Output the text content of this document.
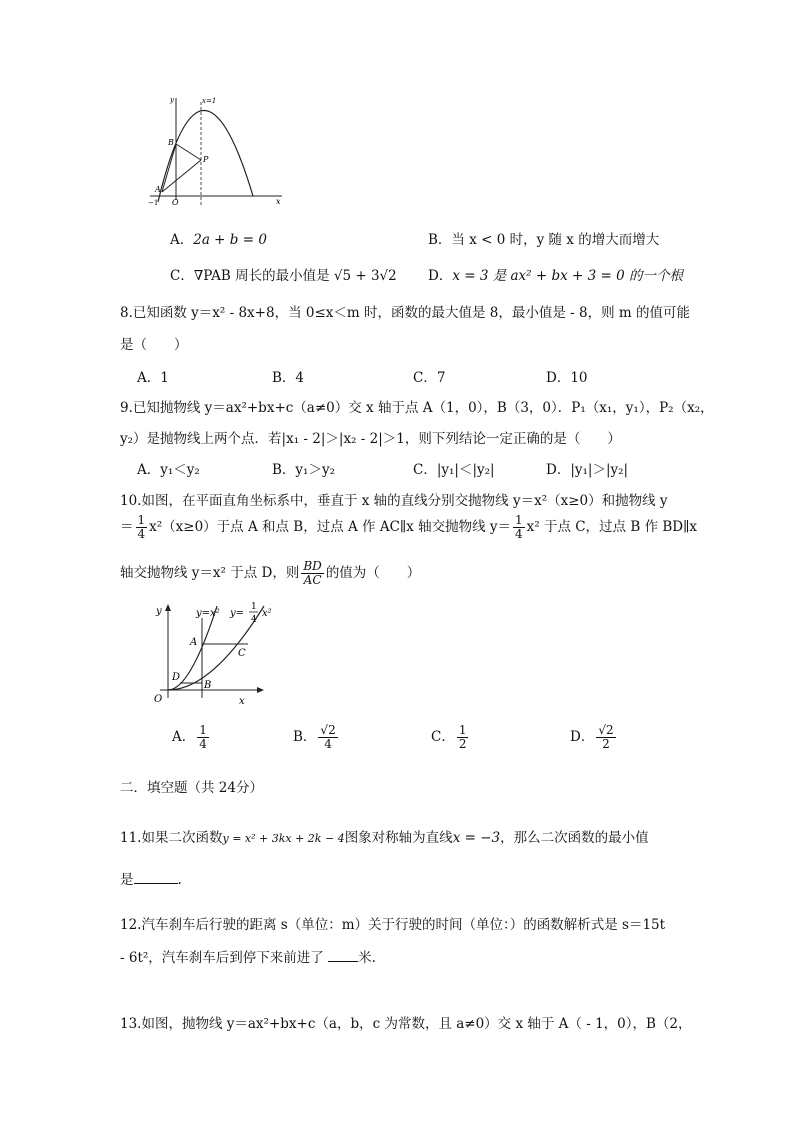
y	x=1
x
B
P
A
O
−1
A．2a + b = 0	B．当 x < 0 时，y 随 x 的增大而增大
C．∇PAB 周长的最小值是 √5 + 3√2 D．x = 3 是 ax² + bx + 3 = 0 的一个根
8.已知函数 y＝x² - 8x+8，当 0≤x＜m 时，函数的最大值是 8，最小值是 - 8，则 m 的值可能
是（　　）
A．1	B．4	C．7	D．10
9.已知抛物线 y＝ax²+bx+c（a≠0）交 x 轴于点 A（1，0），B（3，0）．P₁（x₁，y₁），P₂（x₂，
y₂）是抛物线上两个点．若|x₁ - 2|＞|x₂ - 2|＞1，则下列结论一定正确的是（　　）
A．y₁＜y₂	B．y₁＞y₂	C．|y₁|＜|y₂|	D．|y₁|＞|y₂|
10.如图，在平面直角坐标系中，垂直于 x 轴的直线分别交抛物线 y＝x²（x≥0）和抛物线 y
＝ $\frac{1}{4} x^2(x\ge 0)$于点 A 和点 B，过点 A 作 AC∥x 轴交抛物线 $y= \frac{1}{4} x^2$ 于点 C，过点 B 作 BD∥x
轴交抛物线 y＝x² 于点 D，则 $\frac{BD}{AC}$ 的值为（　　）
y
x
O
A
C
D
B
y=x² y=
1
4
x²
A． $\frac{1}{4}$	B． $\frac{√2}{4}$	C． $\frac{1}{2}$	D． $\frac{√2}{2}$
二．填空题（共 24分）
11.如果二次函数y = x² + 3kx + 2k − 4图象对称轴为直线x = −3，那么二次函数的最小值
是	.
12.汽车刹车后行驶的距离 s（单位：m）关于行驶的时间（单位：）的函数解析式是 s＝15t
- 6t²，汽车刹车后到停下来前进了 米.
13.如图，抛物线 y＝ax²+bx+c（a，b，c 为常数，且 a≠0）交 x 轴于 A（ - 1，0），B（2，
